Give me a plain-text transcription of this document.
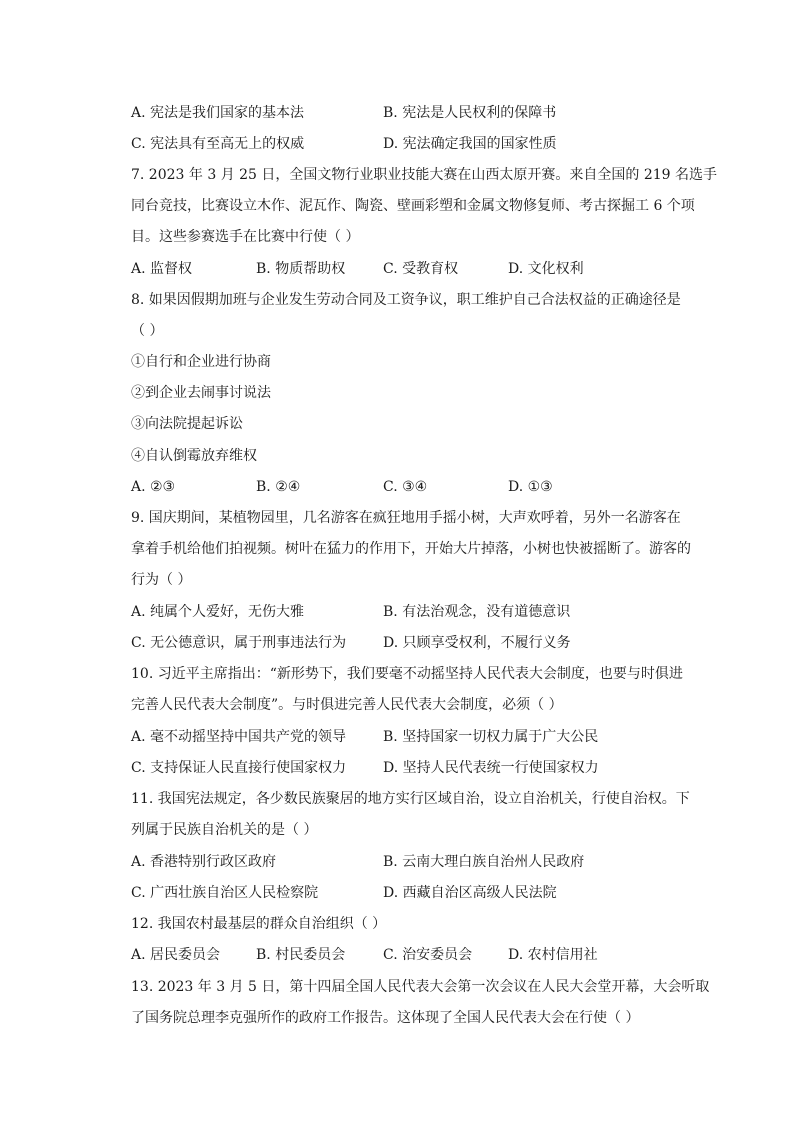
A. 宪法是我们国家的基本法	B. 宪法是人民权利的保障书
C. 宪法具有至高无上的权威	D. 宪法确定我国的国家性质
7. 2023 年 3 月 25 日，全国文物行业职业技能大赛在山西太原开赛。来自全国的 219 名选手
同台竞技，比赛设立木作、泥瓦作、陶瓷、壁画彩塑和金属文物修复师、考古探掘工 6 个项
目。这些参赛选手在比赛中行使（ ）
A. 监督权	B. 物质帮助权	C. 受教育权	D. 文化权利
8. 如果因假期加班与企业发生劳动合同及工资争议，职工维护自己合法权益的正确途径是
（ ）
①自行和企业进行协商
②到企业去闹事讨说法
③向法院提起诉讼
④自认倒霉放弃维权
A. ②③	B. ②④	C. ③④	D. ①③
9. 国庆期间，某植物园里，几名游客在疯狂地用手摇小树，大声欢呼着，另外一名游客在
拿着手机给他们拍视频。树叶在猛力的作用下，开始大片掉落，小树也快被摇断了。游客的
行为（ ）
A. 纯属个人爱好，无伤大雅	B. 有法治观念，没有道德意识
C. 无公德意识，属于刑事违法行为	D. 只顾享受权利，不履行义务
10. 习近平主席指出：“新形势下，我们要毫不动摇坚持人民代表大会制度，也要与时俱进
完善人民代表大会制度”。与时俱进完善人民代表大会制度，必须（ ）
A. 毫不动摇坚持中国共产党的领导	B. 坚持国家一切权力属于广大公民
C. 支持保证人民直接行使国家权力	D. 坚持人民代表统一行使国家权力
11. 我国宪法规定，各少数民族聚居的地方实行区域自治，设立自治机关，行使自治权。下
列属于民族自治机关的是（ ）
A. 香港特别行政区政府	B. 云南大理白族自治州人民政府
C. 广西壮族自治区人民检察院	D. 西藏自治区高级人民法院
12. 我国农村最基层的群众自治组织（ ）
A. 居民委员会	B. 村民委员会	C. 治安委员会	D. 农村信用社
13. 2023 年 3 月 5 日，第十四届全国人民代表大会第一次会议在人民大会堂开幕，大会听取
了国务院总理李克强所作的政府工作报告。这体现了全国人民代表大会在行使（ ）
